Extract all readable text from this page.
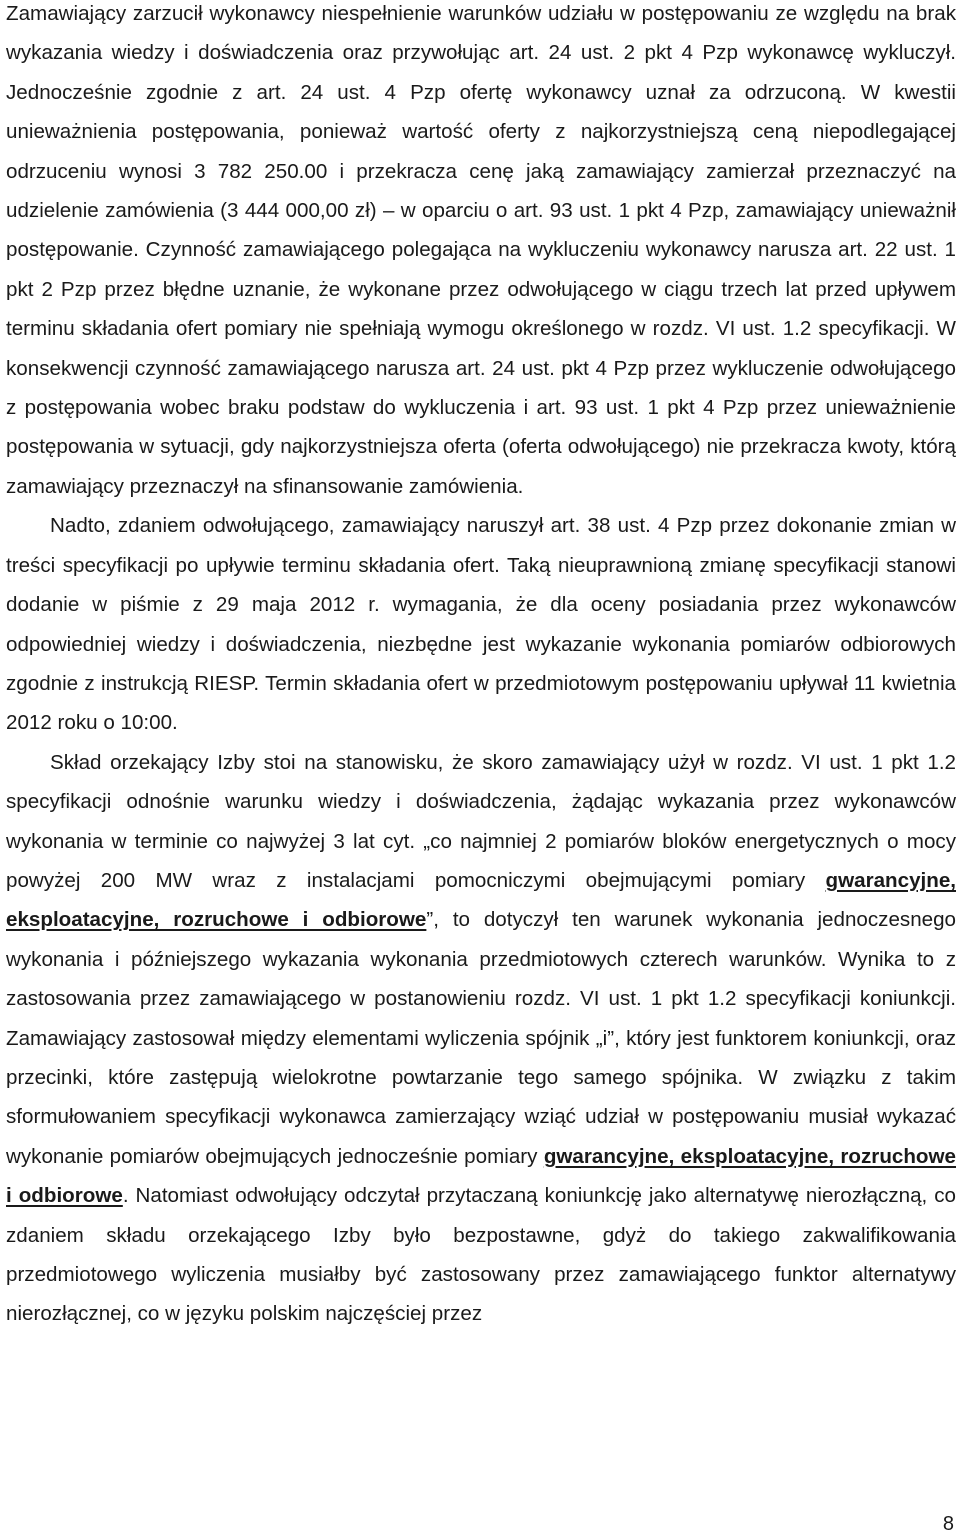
Zamawiający zarzucił wykonawcy niespełnienie warunków udziału w postępowaniu ze względu na brak wykazania wiedzy i doświadczenia oraz przywołując art. 24 ust. 2 pkt 4 Pzp wykonawcę wykluczył. Jednocześnie zgodnie z art. 24 ust. 4 Pzp ofertę wykonawcy uznał za odrzuconą. W kwestii unieważnienia postępowania, ponieważ wartość oferty z najkorzystniejszą ceną niepodlegającej odrzuceniu wynosi 3 782 250.00 i przekracza cenę jaką zamawiający zamierzał przeznaczyć na udzielenie zamówienia (3 444 000,00 zł) – w oparciu o art. 93 ust. 1 pkt 4 Pzp, zamawiający unieważnił postępowanie. Czynność zamawiającego polegająca na wykluczeniu wykonawcy narusza art. 22 ust. 1 pkt 2 Pzp przez błędne uznanie, że wykonane przez odwołującego w ciągu trzech lat przed upływem terminu składania ofert pomiary nie spełniają wymogu określonego w rozdz. VI ust. 1.2 specyfikacji. W konsekwencji czynność zamawiającego narusza art. 24 ust. pkt 4 Pzp przez wykluczenie odwołującego z postępowania wobec braku podstaw do wykluczenia i art. 93 ust. 1 pkt 4 Pzp przez unieważnienie postępowania w sytuacji, gdy najkorzystniejsza oferta (oferta odwołującego) nie przekracza kwoty, którą zamawiający przeznaczył na sfinansowanie zamówienia.

Nadto, zdaniem odwołującego, zamawiający naruszył art. 38 ust. 4 Pzp przez dokonanie zmian w treści specyfikacji po upływie terminu składania ofert. Taką nieuprawnioną zmianę specyfikacji stanowi dodanie w piśmie z 29 maja 2012 r. wymagania, że dla oceny posiadania przez wykonawców odpowiedniej wiedzy i doświadczenia, niezbędne jest wykazanie wykonania pomiarów odbiorowych zgodnie z instrukcją RIESP. Termin składania ofert w przedmiotowym postępowaniu upływał 11 kwietnia 2012 roku o 10:00.

Skład orzekający Izby stoi na stanowisku, że skoro zamawiający użył w rozdz. VI ust. 1 pkt 1.2 specyfikacji odnośnie warunku wiedzy i doświadczenia, żądając wykazania przez wykonawców wykonania w terminie co najwyżej 3 lat cyt. „co najmniej 2 pomiarów bloków energetycznych o mocy powyżej 200 MW wraz z instalacjami pomocniczymi obejmującymi pomiary gwarancyjne, eksploatacyjne, rozruchowe i odbiorowe”, to dotyczył ten warunek wykonania jednoczesnego wykonania i późniejszego wykazania wykonania przedmiotowych czterech warunków. Wynika to z zastosowania przez zamawiającego w postanowieniu rozdz. VI ust. 1 pkt 1.2 specyfikacji koniunkcji. Zamawiający zastosował między elementami wyliczenia spójnik „i”, który jest funktorem koniunkcji, oraz przecinki, które zastępują wielokrotne powtarzanie tego samego spójnika. W związku z takim sformułowaniem specyfikacji wykonawca zamierzający wziąć udział w postępowaniu musiał wykazać wykonanie pomiarów obejmujących jednocześnie pomiary gwarancyjne, eksploatacyjne, rozruchowe i odbiorowe. Natomiast odwołujący odczytał przytaczaną koniunkcję jako alternatywę nierozłączną, co zdaniem składu orzekającego Izby było bezpostawne, gdyż do takiego zakwalifikowania przedmiotowego wyliczenia musiałby być zastosowany przez zamawiającego funktor alternatywy nierozłącznej, co w języku polskim najczęściej przez

8
